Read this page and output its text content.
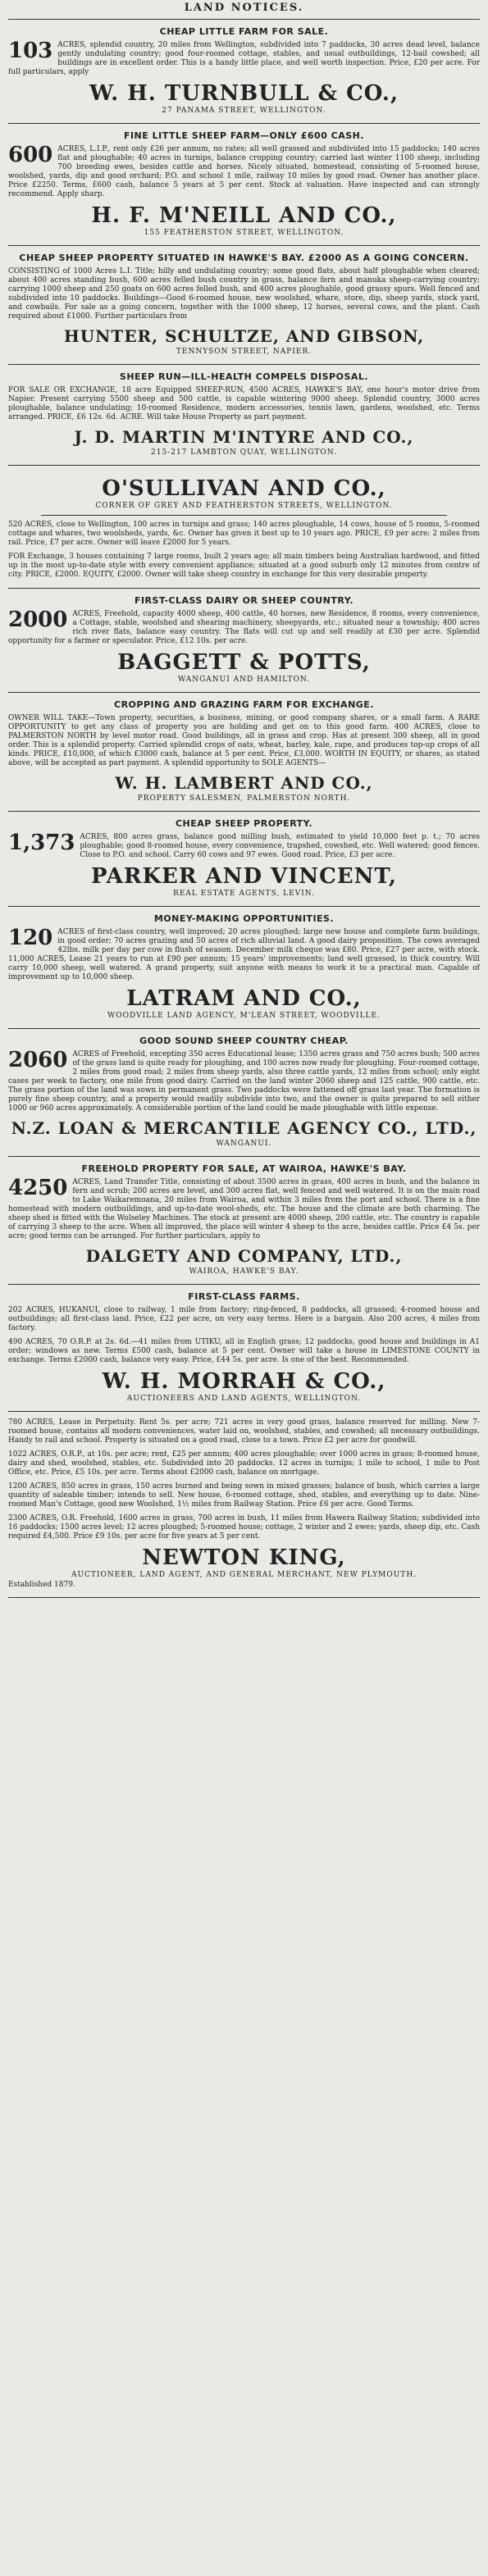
LAND NOTICES.
CHEAP LITTLE FARM FOR SALE.

103 ACRES, splendid country, 20 miles from Wellington, subdivided into 7 paddocks, 30 acres dead level, balance gently undulating country; good four-roomed cottage, stables, and usual outbuildings, 12-bail cowshed; all buildings are in excellent order. This is a handy little place, and well worth inspection. Price, £20 per acre. For full particulars, apply

W. H. TURNBULL & CO.,
27 PANAMA STREET, WELLINGTON.
FINE LITTLE SHEEP FARM—ONLY £600 CASH.

600 ACRES, L.I.P., rent only £26 per annum, no rates; all well grassed and subdivided into 15 paddocks; 140 acres flat and ploughable; 40 acres in turnips, balance cropping country; carried last winter 1100 sheep, including 700 breeding ewes, besides cattle and horses. Nicely situated, homestead, consisting of 5-roomed house, woolshed, yards, dip and good orchard; P.O. and school 1 mile, railway 10 miles by good road. Owner has another place. Price £2250. Terms, £600 cash, balance 5 years at 5 per cent. Stock at valuation. Have inspected and can strongly recommend. Apply sharp.

H. F. M'NEILL AND CO.,
155 FEATHERSTON STREET, WELLINGTON.
CHEAP SHEEP PROPERTY SITUATED IN HAWKE'S BAY. £2000 AS A GOING CONCERN.

CONSISTING of 1000 Acres L.I. Title; hilly and undulating country; some good flats, about half ploughable when cleared; about 400 acres standing bush, 600 acres felled bush country in grass, balance fern and manuka sheep-carrying country; carrying 1000 sheep and 250 goats on 600 acres felled bush, and 400 acres ploughable, good grassy spurs. Well fenced and subdivided into 10 paddocks. Buildings—Good 6-roomed house, new woolshed, whare, store, dip, sheep yards, stock yard, and cowbails. For sale as a going concern, together with the 1000 sheep, 12 horses, several cows, and the plant. Cash required about £1000. Further particulars from

HUNTER, SCHULTZE, AND GIBSON,
TENNYSON STREET, NAPIER.
SHEEP RUN—ILL-HEALTH COMPELS DISPOSAL.

FOR SALE OR EXCHANGE, 18 acre Equipped SHEEP-RUN, 4500 ACRES, HAWKE'S BAY, one hour's motor drive from Napier. Present carrying 5500 sheep and 500 cattle, is capable wintering 9000 sheep. Splendid country, 3000 acres ploughable, balance undulating; 10-roomed Residence, modern accessories, tennis lawn, gardens, woolshed, etc. Terms arranged. PRICE, £6 12s. 6d. ACRE. Will take House Property as part payment.

J. D. MARTIN M'INTYRE AND CO.,
215-217 LAMBTON QUAY, WELLINGTON.
O'SULLIVAN AND CO.,
CORNER OF GREY AND FEATHERSTON STREETS, WELLINGTON.

520 ACRES, close to Wellington, 100 acres in turnips and grass; 140 acres ploughable, 14 cows, house of 5 rooms, 5-roomed cottage and whares, two woolsheds, yards, &c. Owner has given it best up to 10 years ago. PRICE, £9 per acre; 2 miles from rail. Price, £7 per acre. Owner will leave £2000 for 5 years.

FOR Exchange, 3 houses containing 7 large rooms, built 2 years ago; all main timbers being Australian hardwood, and fitted up in the most up-to-date style with every convenient appliance; situated at a good suburb only 12 minutes from centre of city. PRICE, £2000. EQUITY, £2000. Owner will take sheep country in exchange for this very desirable property.

FIRST-CLASS DAIRY OR SHEEP COUNTRY.

2000 ACRES, Freehold, capacity 4000 sheep, 400 cattle, 40 horses, new Residence, 8 rooms, every convenience, a Cottage, stable, woolshed and shearing machinery, sheepyards, etc.; situated near a township; 400 acres rich river flats, balance easy country. The flats will cut up and sell readily at £30 per acre. Splendid opportunity for a farmer or speculator. Price, £12 10s. per acre.

BAGGETT & POTTS,
WANGANUI AND HAMILTON.
CROPPING AND GRAZING FARM FOR EXCHANGE.

OWNER WILL TAKE—Town property, securities, a business, mining, or good company shares, or a small farm. A RARE OPPORTUNITY to get any class of property you are holding and get on to this good farm. 400 ACRES, close to PALMERSTON NORTH by level motor road. Good buildings, all in grass and crop. Has at present 300 sheep, all in good order. This is a splendid property. Carried splendid crops of oats, wheat, barley, kale, rape, and produces top-up crops of all kinds. PRICE, £10,000, of which £3000 cash, balance at 5 per cent. Price, £3,000. WORTH IN EQUITY, or shares, as stated above, will be accepted as part payment. A splendid opportunity to SOLE AGENTS—

W. H. LAMBERT AND CO.,
PROPERTY SALESMEN, PALMERSTON NORTH.
CHEAP SHEEP PROPERTY.

1,373 ACRES, 800 acres grass, balance good milling bush, estimated to yield 10,000 feet p. t.; 70 acres ploughable; good 8-roomed house, every convenience, trapshed, cowshed, etc. Well watered; good fences. Close to P.O. and school. Carry 60 cows and 97 ewes. Good road. Price, £3 per acre.

PARKER AND VINCENT,
REAL ESTATE AGENTS, LEVIN.
MONEY-MAKING OPPORTUNITIES.

120 ACRES of first-class country, well improved; 20 acres ploughed; large new house and complete farm buildings, in good order; 70 acres grazing and 50 acres of rich alluvial land. A good dairy proposition. The cows averaged 42lbs. milk per day per cow in flush of season. December milk cheque was £80. Price, £27 per acre, with stock. 11,000 ACRES, Lease 21 years to run at £90 per annum; 15 years' improvements; land well grassed, in thick country. Will carry 10,000 sheep, well watered. A grand property, suit anyone with means to work it to a practical man. Capable of improvement up to 10,000 sheep.

LATRAM AND CO.,
WOODVILLE LAND AGENCY, M'LEAN STREET, WOODVILLE.
GOOD SOUND SHEEP COUNTRY CHEAP.

2060 ACRES of Freehold, excepting 350 acres Educational lease; 1350 acres grass and 750 acres bush; 500 acres of the grass land is quite ready for ploughing, and 100 acres now ready for ploughing. Four-roomed cottage, 2 miles from good road; 2 miles from sheep yards, also three cattle yards, 12 miles from school; only eight cases per week to factory, one mile from good dairy. Carried on the land winter 2060 sheep and 125 cattle, 900 cattle, etc. The grass portion of the land was sown in permanent grass. Two paddocks were fattened off grass last year. The formation is purely fine sheep country, and a property would readily subdivide into two, and the owner is quite prepared to sell either 1000 or 960 acres approximately. A considerable portion of the land could be made ploughable with little expense.

N.Z. LOAN & MERCANTILE AGENCY CO., LTD.,
WANGANUI.
FREEHOLD PROPERTY FOR SALE, AT WAIROA, HAWKE'S BAY.

4250 ACRES, Land Transfer Title, consisting of about 3500 acres in grass, 400 acres in bush, and the balance in fern and scrub; 200 acres are level, and 300 acres flat, well fenced and well watered. It is on the main road to Lake Waikaremoana, 20 miles from Wairoa, and within 3 miles from the port and school. There is a fine homestead with modern outbuildings, and up-to-date wool-sheds, etc. The house and the climate are both charming. The sheep shed is fitted with the Wolseley Machines. The stock at present are 4000 sheep, 200 cattle, etc. The country is capable of carrying 3 sheep to the acre. When all improved, the place will winter 4 sheep to the acre, besides cattle. Price £4 5s. per acre; good terms can be arranged. For further particulars, apply to

DALGETY AND COMPANY, LTD.,
WAIROA, HAWKE'S BAY.
FIRST-CLASS FARMS.

202 ACRES, HUKANUI, close to railway, 1 mile from factory; ring-fenced, 8 paddocks, all grassed; 4-roomed house and outbuildings; all first-class land. Price, £22 per acre, on very easy terms. Here is a bargain. Also 200 acres, 4 miles from factory.

490 ACRES, 70 O.R.P. at 2s. 6d.—41 miles from UTIKU, all in English grass; 12 paddocks, good house and buildings in A1 order; windows as new. Terms £500 cash, balance at 5 per cent. Owner will take a house in LIMESTONE COUNTY in exchange. Terms £2000 cash, balance very easy. Price, £44 5s. per acre. Is one of the best. Recommended.

W. H. MORRAH & CO.,
AUCTIONEERS AND LAND AGENTS, WELLINGTON.

780 ACRES, Lease in Perpetuity. Rent 5s. per acre; 721 acres in very good grass, balance reserved for milling. New 7-roomed house, contains all modern conveniences, water laid on, woolshed, stables, and cowshed; all necessary outbuildings. Handy to rail and school. Property is situated on a good road, close to a town. Price £2 per acre for goodwill.

1022 ACRES, O.R.P., at 10s. per acre; rent, £25 per annum; 400 acres ploughable; over 1000 acres in grass; 8-roomed house, dairy and shed, woolshed, stables, etc. Subdivided into 20 paddocks. 12 acres in turnips; 1 mile to school, 1 mile to Post Office, etc. Price, £5 10s. per acre. Terms about £2000 cash, balance on mortgage.

1200 ACRES, 850 acres in grass, 150 acres burned and being sown in mixed grasses; balance of bush, which carries a large quantity of saleable timber; intends to sell. New house, 6-roomed cottage, shed, stables, and everything up to date. Nine-roomed Man's Cottage, good new Woolshed, 1½ miles from Railway Station. Price £6 per acre. Good Terms.

2300 ACRES, O.R. Freehold, 1600 acres in grass, 700 acres in bush, 11 miles from Hawera Railway Station; subdivided into 16 paddocks; 1500 acres level; 12 acres ploughed; 5-roomed house; cottage, 2 winter and 2 ewes; yards, sheep dip, etc. Cash required £4,500. Price £9 10s. per acre for five years at 5 per cent.

NEWTON KING,
AUCTIONEER, LAND AGENT, AND GENERAL MERCHANT, NEW PLYMOUTH.
Established 1879.
